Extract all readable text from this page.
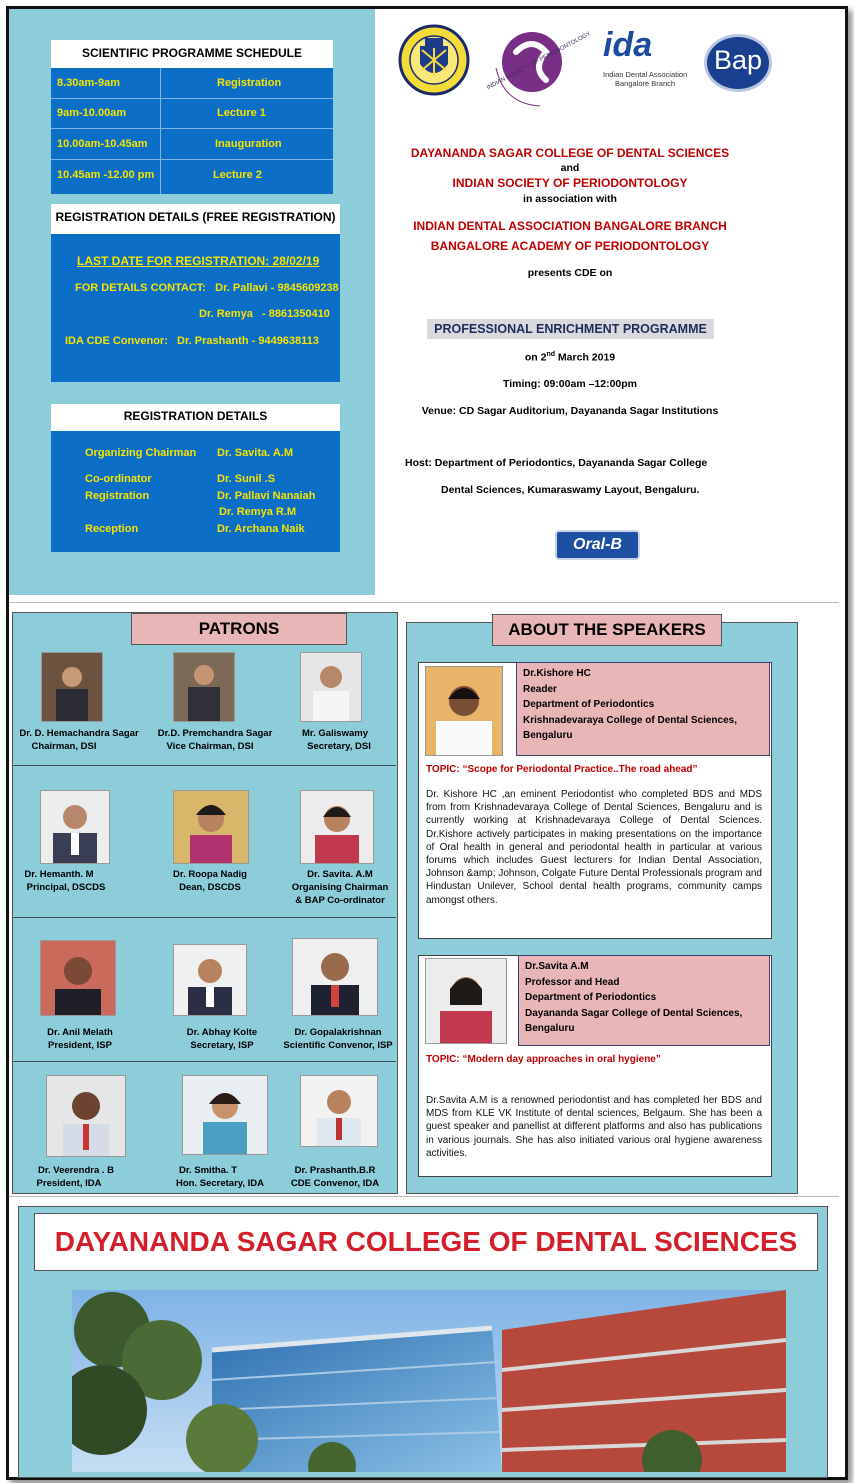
SCIENTIFIC PROGRAMME SCHEDULE
8.30am-9am	Registration
9am-10.00am	Lecture 1
10.00am-10.45am	Inauguration
10.45am -12.00 pm	Lecture 2
REGISTRATION DETAILS (FREE REGISTRATION)
LAST DATE FOR REGISTRATION: 28/02/19
FOR DETAILS CONTACT:   Dr. Pallavi - 9845609238
Dr. Remya   - 8861350410
IDA CDE Convenor:   Dr. Prashanth - 9449638113
REGISTRATION DETAILS
Organizing Chairman Dr. Savita. A.M
Co-ordinator	Dr. Sunil .S
Registration	Dr. Pallavi Nanaiah
Dr. Remya R.M
Reception	Dr. Archana Naik
INDIAN SOCIETY OF PERIODONTOLOGY ida
Indian Dental Association
Bangalore Branch
Bap
DAYANANDA SAGAR COLLEGE OF DENTAL SCIENCES
and
INDIAN SOCIETY OF PERIODONTOLOGY
in association with
INDIAN DENTAL ASSOCIATION BANGALORE BRANCH
BANGALORE ACADEMY OF PERIODONTOLOGY
presents CDE on
PROFESSIONAL ENRICHMENT PROGRAMME
on 2nd March 2019
Timing: 09:00am –12:00pm
Venue: CD Sagar Auditorium, Dayananda Sagar Institutions
Host: Department of Periodontics, Dayananda Sagar College
Dental Sciences, Kumaraswamy Layout, Bengaluru.
Oral-B
PATRONS
Dr. D. Hemachandra Sagar
Chairman, DSI
Dr.D. Premchandra Sagar
Vice Chairman, DSI
Mr. Galiswamy
Secretary, DSI
Dr. Hemanth. M
Principal, DSCDS
Dr. Roopa Nadig
Dean, DSCDS
Dr. Savita. A.M
Organising Chairman
& BAP Co-ordinator
Dr. Anil Melath
President, ISP
Dr. Abhay Kolte
Secretary, ISP
Dr. Gopalakrishnan
Scientific Convenor, ISP
Dr. Veerendra . B
President, IDA
Dr. Smitha. T
Hon. Secretary, IDA
Dr. Prashanth.B.R
CDE Convenor, IDA
ABOUT THE SPEAKERS
Dr.Kishore HC
Reader
Department of Periodontics
Krishnadevaraya College of Dental Sciences,
Bengaluru
TOPIC: “Scope for Periodontal Practice..The road ahead”
Dr. Kishore HC ,an eminent Periodontist who completed BDS and MDS from from Krishnadevaraya College of Dental Sciences, Bengaluru and is currently working at Krishnadevaraya College of Dental Sciences. Dr.Kishore actively participates in making presentations on the importance of Oral health in general and periodontal health in particular at various forums which includes Guest lecturers for Indian Dental Association, Johnson &amp; Johnson, Colgate Future Dental Professionals program and Hindustan Unilever, School dental health programs, community camps amongst others.
Dr.Savita A.M
Professor and Head
Department of Periodontics
Dayananda Sagar College of Dental Sciences,
Bengaluru
TOPIC: “Modern day approaches in oral hygiene”
Dr.Savita A.M is a renowned periodontist and has completed her BDS and MDS from KLE VK Institute of dental sciences, Belgaum. She has been a guest speaker and panellist at different platforms and also has publications in various journals. She has also initiated various oral hygiene awareness activities.
DAYANANDA SAGAR COLLEGE OF DENTAL SCIENCES
